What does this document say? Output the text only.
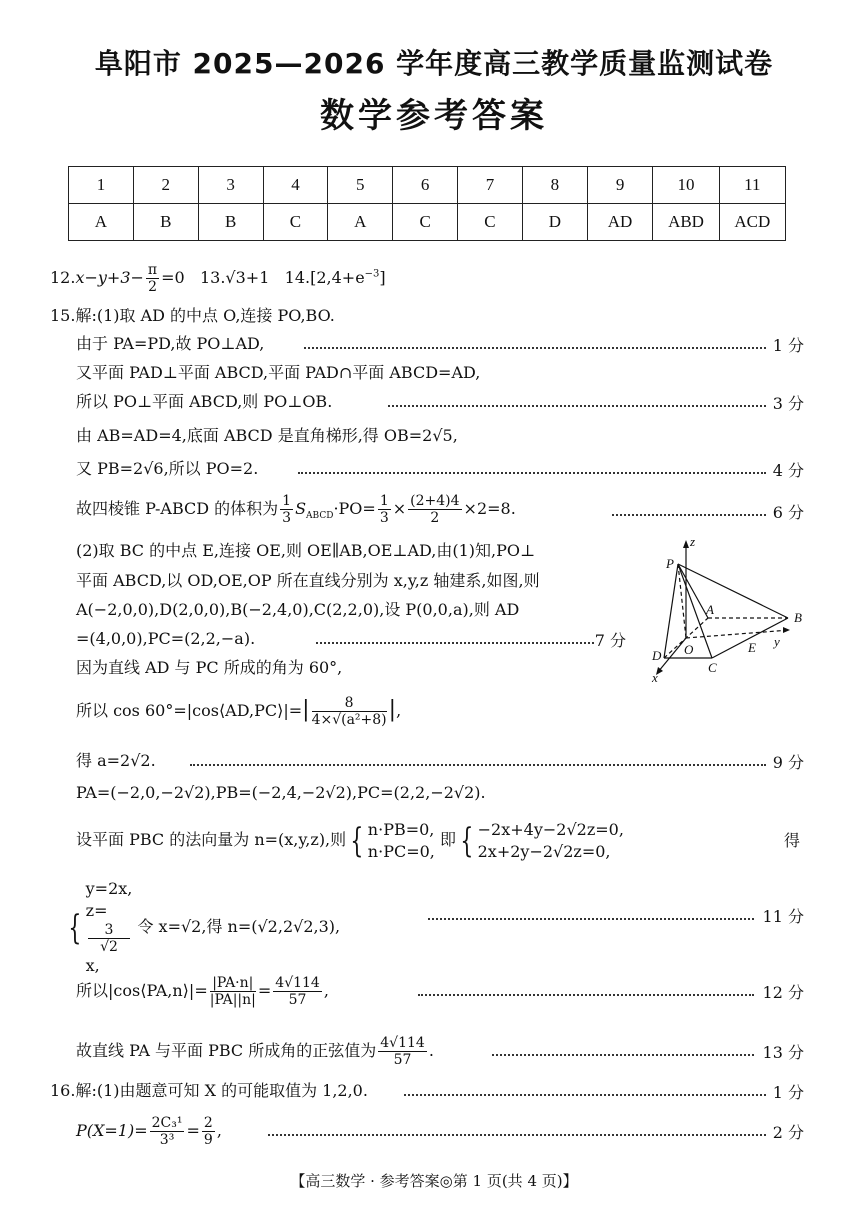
阜阳市 2025—2026 学年度高三教学质量监测试卷
数学参考答案
1	2	3	4	5	6	7	8	9	10	11
A	B	B	C	A	C	C	D	AD	ABD	ACD
$12.x-y+3- \frac{\pi}{2} =0$ 13.√3+1 $14.[2,4+e^{-3}]$
15.解:(1)取 AD 的中点 O,连接 PO,BO.
由于 PA=PD,故 PO⊥AD,	1 分
又平面 PAD⊥平面 ABCD,平面 PAD∩平面 ABCD=AD,
所以 PO⊥平面 ABCD,则 PO⊥OB.	3 分
由 AB=AD=4,底面 ABCD 是直角梯形,得 OB=2√5,
又 PB=2√6,所以 PO=2.	4 分
故四棱锥 P-ABCD 的体积为 $\frac{1}{3} S_{ABCD}\cdot PO= \frac{1}{3} \times \frac{(2+4)4}{2} \times 2=8$.	6 分
(2)取 BC 的中点 E,连接 OE,则 OE∥AB,OE⊥AD,由(1)知,PO⊥
平面 ABCD,以 OD,OE,OP 所在直线分别为 x,y,z 轴建系,如图,则
A(−2,0,0),D(2,0,0),B(−2,4,0),C(2,2,0),设 P(0,0,a),则 AD
=(4,0,0),PC=(2,2,−a).	7 分
因为直线 AD 与 PC 所成的角为 60°,
所以 cos 60°=|cos⟨AD,PC⟩|=| $\frac{8}{\text{4×√(a²+8)}}$ |,
得 a=2√2.	9 分
PA=(−2,0,−2√2),PB=(−2,4,−2√2),PC=(2,2,−2√2).
设平面 PBC 的法向量为 n=(x,y,z),则 { n·PB=0,
n·PC=0,
即 { −2x+4y−2√2z=0,
2x+2y−2√2z=0,
得
{
y=2x,
z=
3
√2
x,
令 x=√2,得 n=(√2,2√2,3),
11 分
所以|cos⟨PA,n⟩|= $\frac{|PA\cdot n|}{|PA||n|} = \frac{4√114}{57}$ ,	12 分
故直线 PA 与平面 PBC 所成角的正弦值为 $\frac{4√114}{57}$ .	13 分
16.解:(1)由题意可知 X 的可能取值为 1,2,0.	1 分
$P(X=1)= \frac{\text{2C₃¹}}{\text{3³}} = \frac{2}{9}$ ,	2 分
z
P
A
B
y
D O
C
E
x
【高三数学 · 参考答案◎第 1 页(共 4 页)】
